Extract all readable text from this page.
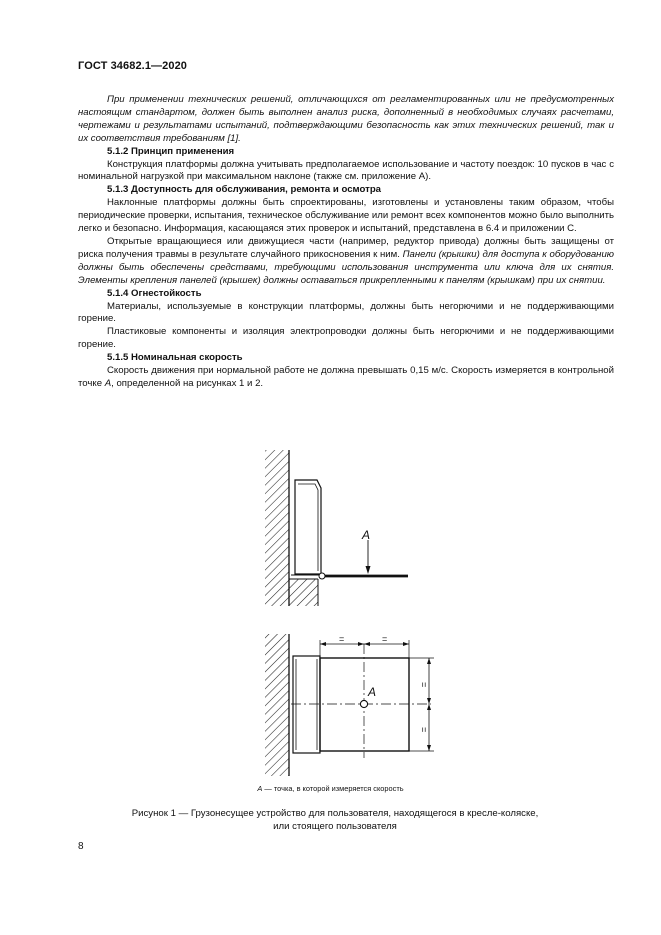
ГОСТ 34682.1—2020

При применении технических решений, отличающихся от регламентированных или не предусмотренных настоящим стандартом, должен быть выполнен анализ риска, дополненный в необходимых случаях расчетами, чертежами и результатами испытаний, подтверждающими безопасность как этих технических решений, так и их соответствия требованиям [1].

5.1.2 Принцип применения

Конструкция платформы должна учитывать предполагаемое использование и частоту поездок: 10 пусков в час с номинальной нагрузкой при максимальном наклоне (также см. приложение А).

5.1.3 Доступность для обслуживания, ремонта и осмотра

Наклонные платформы должны быть спроектированы, изготовлены и установлены таким образом, чтобы периодические проверки, испытания, техническое обслуживание или ремонт всех компонентов можно было выполнить легко и безопасно. Информация, касающаяся этих проверок и испытаний, представлена в 6.4 и приложении С.

Открытые вращающиеся или движущиеся части (например, редуктор привода) должны быть защищены от риска получения травмы в результате случайного прикосновения к ним. Панели (крышки) для доступа к оборудованию должны быть обеспечены средствами, требующими использования инструмента или ключа для их снятия. Элементы крепления панелей (крышек) должны оставаться прикрепленными к панелям (крышкам) при их снятии.

5.1.4 Огнестойкость

Материалы, используемые в конструкции платформы, должны быть негорючими и не поддерживающими горение.

Пластиковые компоненты и изоляция электропроводки должны быть негорючими и не поддерживающими горение.

5.1.5 Номинальная скорость

Скорость движения при нормальной работе не должна превышать 0,15 м/с. Скорость измеряется в контрольной точке А, определенной на рисунках 1 и 2.

А
А
=	=
=
=
А — точка, в которой измеряется скорость
Рисунок 1 — Грузонесущее устройство для пользователя, находящегося в кресле-коляске,
или стоящего пользователя
8
